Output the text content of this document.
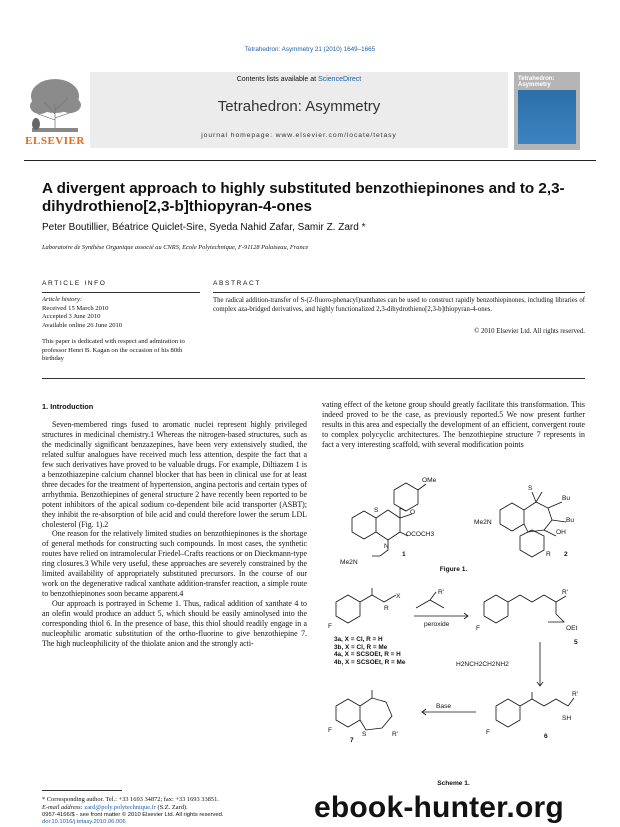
Tetrahedron: Asymmetry 21 (2010) 1649–1665
Contents lists available at ScienceDirect
Tetrahedron: Asymmetry
journal homepage: www.elsevier.com/locate/tetasy
ELSEVIER
Tetrahedron: Asymmetry
A divergent approach to highly substituted benzothiepinones and to 2,3-dihydrothieno[2,3-b]thiopyran-4-ones
Peter Boutillier, Béatrice Quiclet-Sire, Syeda Nahid Zafar, Samir Z. Zard *
Laboratoire de Synthèse Organique associé au CNRS, Ecole Polytechnique, F-91128 Palaiseau, France
ARTICLE INFO
Article history:
Received 15 March 2010
Accepted 3 June 2010
Available online 26 June 2010
This paper is dedicated with respect and admiration to professor Henri B. Kagan on the occasion of his 80th birthday
ABSTRACT
The radical addition-transfer of S-(2-fluoro-phenacyl)xanthates can be used to construct rapidly benzothiepinones, including libraries of complex aza-bridged derivatives, and highly functionalized 2,3-dihydrothieno[2,3-b]thiopyran-4-ones.
© 2010 Elsevier Ltd. All rights reserved.
1. Introduction

Seven-membered rings fused to aromatic nuclei represent highly privileged structures in medicinal chemistry.1 Whereas the nitrogen-based structures, such as the medicinally significant benzazepines, have been very extensively studied, the related sulfur analogues have received much less attention, despite the fact that a few such derivatives have proved to be valuable drugs. For example, Diltiazem 1 is a benzothiazepine calcium channel blocker that has been in clinical use for at least three decades for the treatment of hypertension, angina pectoris and certain types of arrhythmia. Benzothiepines of general structure 2 have recently been reported to be potent inhibitors of the apical sodium co-dependent bile acid transporter (ASBT); they inhibit the re-absorption of bile acid and could therefore lower the serum LDL cholesterol (Fig. 1).2

One reason for the relatively limited studies on benzothiepinones is the shortage of general methods for constructing such compounds. In most cases, the synthetic routes have relied on intramolecular Friedel–Crafts reactions or on Dieckmann-type ring closures.3 While very useful, these approaches are severely constrained by the limited availability of appropriately substituted precursors. In the course of our work on the degenerative radical xanthate addition-transfer reaction, a simple route to benzothiepinones soon became apparent.4

Our approach is portrayed in Scheme 1. Thus, radical addition of xanthate 4 to an olefin would produce an adduct 5, which should be easily aminolysed into the corresponding thiol 6. In the presence of base, this thiol should readily engage in a nucleophilic aromatic substitution of the ortho-fluorine to give benzothiepine 7. The high nucleophilicity of the thiolate anion and the strongly acti-

* Corresponding author. Tel.: +33 1693 34872; fax: +33 1693 33851.
E-mail address: zard@poly.polytechnique.fr (S.Z. Zard).
0957-4166/$ - see front matter © 2010 Elsevier Ltd. All rights reserved.
doi:10.1016/j.tetasy.2010.06.006

vating effect of the ketone group should greatly facilitate this transformation. This indeed proved to be the case, as previously reported.5 We now present further results in this area and especially the development of an efficient, convergent route to complex polycyclic architectures. The benzothiepine structure 7 represents in fact a very interesting scaffold, with several modification points

OMe
S	O
OCOCH3
N
Me2N
1
S
Bu
Bu
OH
Me2N
R 2
Figure 1.
X
R
F
R'
peroxide
F
R'
OEt
5
H2NCH2CH2NH2
Base
R'
SH
F
6
S	R'
F
7
3a, X = Cl, R = H
3b, X = Cl, R = Me
4a, X = SCSOEt, R = H
4b, X = SCSOEt, R = Me
Scheme 1.
ebook-hunter.org
